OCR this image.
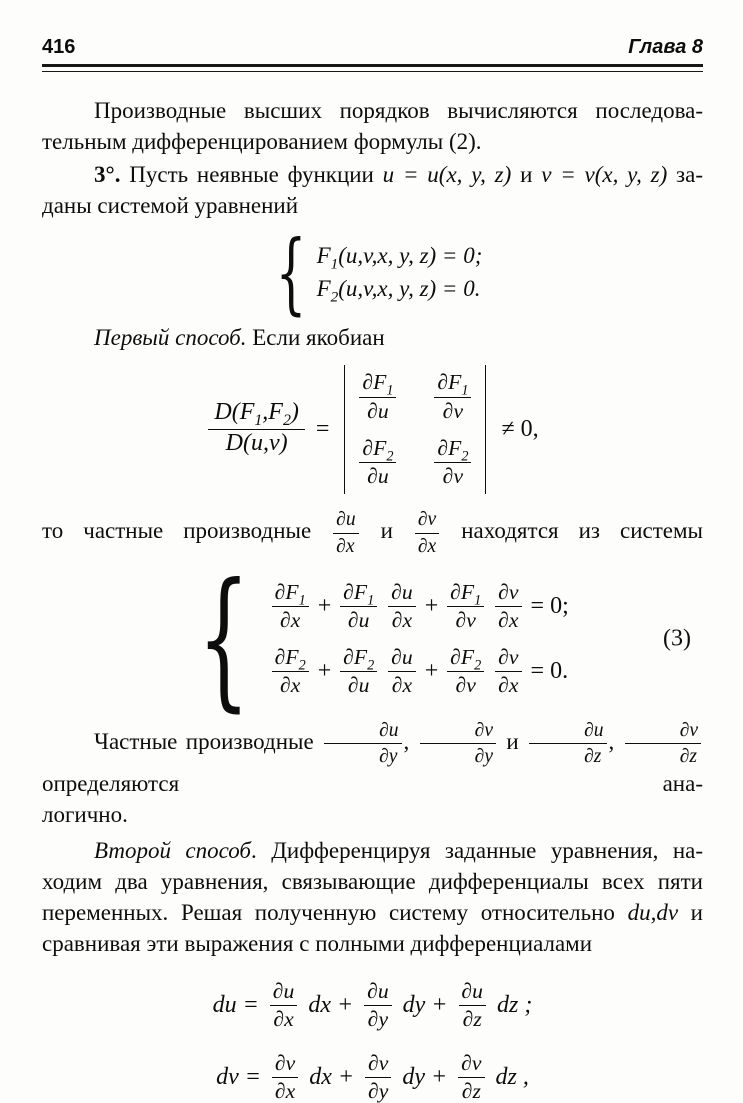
416	Глава 8
Производные высших порядков вычисляются последова-
тельным дифференцированием формулы (2).
3°. Пусть неявные функции u = u(x, y, z) и v = v(x, y, z) за-
даны системой уравнений
{ $F_1(u,v,x$, y, z) = 0;
$F_2(u,v,x$, y, z) = 0.
Первый способ. Если якобиан
$\frac{D(F_1,F_2)}{D(u,v)}$ =
$\frac{\partial F_1}{\partial u} \frac{\partial F_1}{\partial v}$
$\frac{\partial F_2}{\partial u} \frac{\partial F_2}{\partial v}$
≠ 0,
то частные производные $\frac{\partial u}{\partial x}$ и $\frac{\partial v}{\partial x}$ находятся из системы
{ $\frac{\partial F_1}{\partial x} + \frac{\partial F_1}{\partial u} \frac{\partial u}{\partial x} + \frac{\partial F_1}{\partial v} \frac{\partial v}{\partial x} = 0$;
$\frac{\partial F_2}{\partial x} + \frac{\partial F_2}{\partial u} \frac{\partial u}{\partial x} + \frac{\partial F_2}{\partial v} \frac{\partial v}{\partial x} = 0$.
(3)
Частные производные $\frac{\partial u}{\partial y}$ , $\frac{\partial v}{\partial y}$ и $\frac{\partial u}{\partial z}$ , $\frac{\partial v}{\partial z}$
определяются ана-
логично.
Второй способ. Дифференцируя заданные уравнения, на-
ходим два уравнения, связывающие дифференциалы всех пяти
переменных. Решая полученную систему относительно du,dv и
сравнивая эти выражения с полными дифференциалами
du = $\frac{\partial u}{\partial x}$ dx + $\frac{\partial u}{\partial y}$ dy + $\frac{\partial u}{\partial z}$ dz ;
dv = $\frac{\partial v}{\partial x}$ dx + $\frac{\partial v}{\partial y}$ dy + $\frac{\partial v}{\partial z}$ dz ,
